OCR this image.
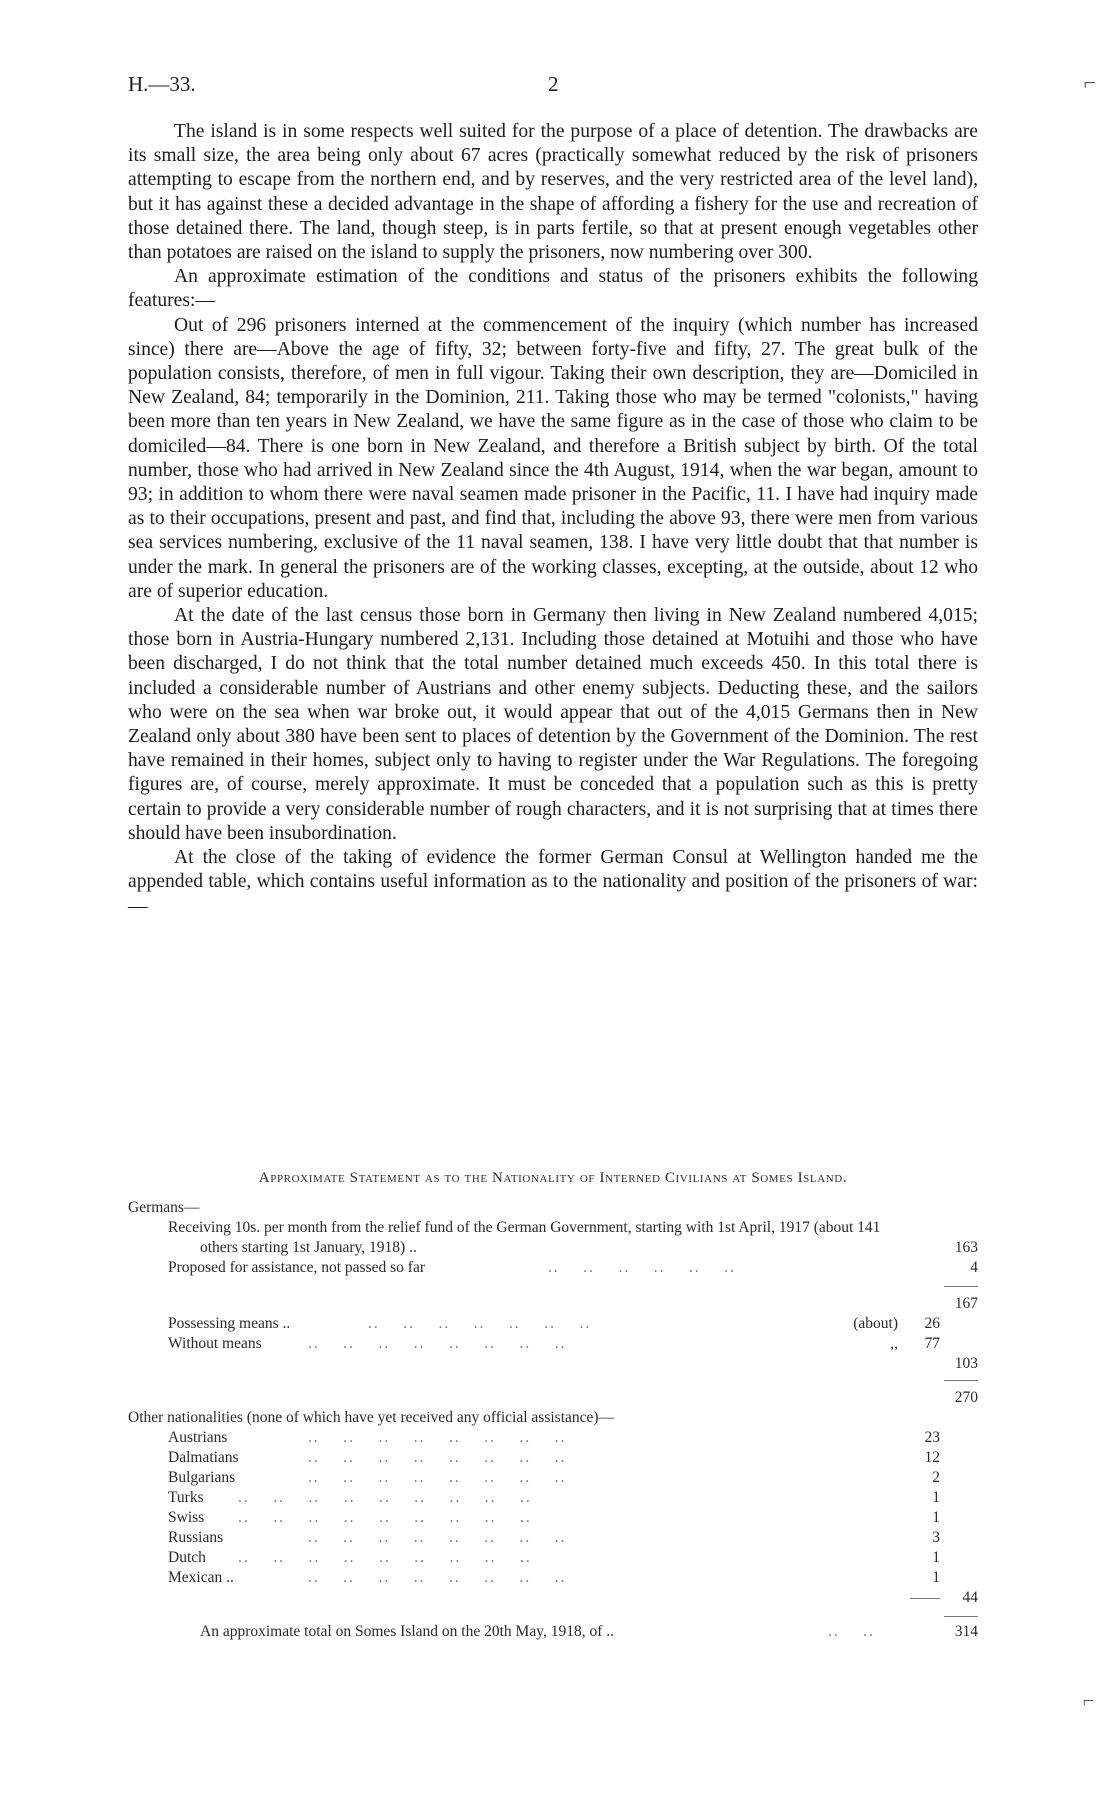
⌐
⌐
H.—33.	2

The island is in some respects well suited for the purpose of a place of detention. The drawbacks are its small size, the area being only about 67 acres (practically somewhat reduced by the risk of prisoners attempting to escape from the northern end, and by reserves, and the very restricted area of the level land), but it has against these a decided advantage in the shape of affording a fishery for the use and recreation of those detained there. The land, though steep, is in parts fertile, so that at present enough vegetables other than potatoes are raised on the island to supply the prisoners, now numbering over 300.

An approximate estimation of the conditions and status of the prisoners exhibits the following features:—

Out of 296 prisoners interned at the commencement of the inquiry (which number has increased since) there are—Above the age of fifty, 32; between forty-five and fifty, 27. The great bulk of the population consists, therefore, of men in full vigour. Taking their own description, they are—Domiciled in New Zealand, 84; temporarily in the Dominion, 211. Taking those who may be termed "colonists," having been more than ten years in New Zealand, we have the same figure as in the case of those who claim to be domiciled—84. There is one born in New Zealand, and therefore a British subject by birth. Of the total number, those who had arrived in New Zealand since the 4th August, 1914, when the war began, amount to 93; in addition to whom there were naval seamen made prisoner in the Pacific, 11. I have had inquiry made as to their occupations, present and past, and find that, including the above 93, there were men from various sea services numbering, exclusive of the 11 naval seamen, 138. I have very little doubt that that number is under the mark. In general the prisoners are of the working classes, excepting, at the outside, about 12 who are of superior education.

At the date of the last census those born in Germany then living in New Zealand numbered 4,015; those born in Austria-Hungary numbered 2,131. Including those detained at Motuihi and those who have been discharged, I do not think that the total number detained much exceeds 450. In this total there is included a considerable number of Austrians and other enemy subjects. Deducting these, and the sailors who were on the sea when war broke out, it would appear that out of the 4,015 Germans then in New Zealand only about 380 have been sent to places of detention by the Government of the Dominion. The rest have remained in their homes, subject only to having to register under the War Regulations. The foregoing figures are, of course, merely approximate. It must be conceded that a population such as this is pretty certain to provide a very considerable number of rough characters, and it is not surprising that at times there should have been insubordination.

At the close of the taking of evidence the former German Consul at Wellington handed me the appended table, which contains useful information as to the nationality and position of the prisoners of war:—

Approximate Statement as to the Nationality of Interned Civilians at Somes Island.
Germans—
Receiving 10s. per month from the relief fund of the German Government, starting with 1st April, 1917 (about 141 others starting 1st January, 1918) ..	163
Proposed for assistance, not passed so far	..    ..    ..    ..    ..    ..	4
167
Possessing means ..	..    ..    ..    ..    ..    ..    ..	(about)	26
Without means	..    ..    ..    ..    ..    ..    ..    ..	,,	77
103
270
Other nationalities (none of which have yet received any official assistance)—
Austrians	..    ..    ..    ..    ..    ..    ..    ..	23
Dalmatians	..    ..    ..    ..    ..    ..    ..    ..	12
Bulgarians	..    ..    ..    ..    ..    ..    ..    ..	2
Turks ..    ..    ..    ..    ..    ..    ..    ..    ..	1
Swiss ..    ..    ..    ..    ..    ..    ..    ..    ..	1
Russians	..    ..    ..    ..    ..    ..    ..    ..	3
Dutch ..    ..    ..    ..    ..    ..    ..    ..    ..	1
Mexican ..	..    ..    ..    ..    ..    ..    ..    ..	1
44
An approximate total on Somes Island on the 20th May, 1918, of ..	..    ..	314
